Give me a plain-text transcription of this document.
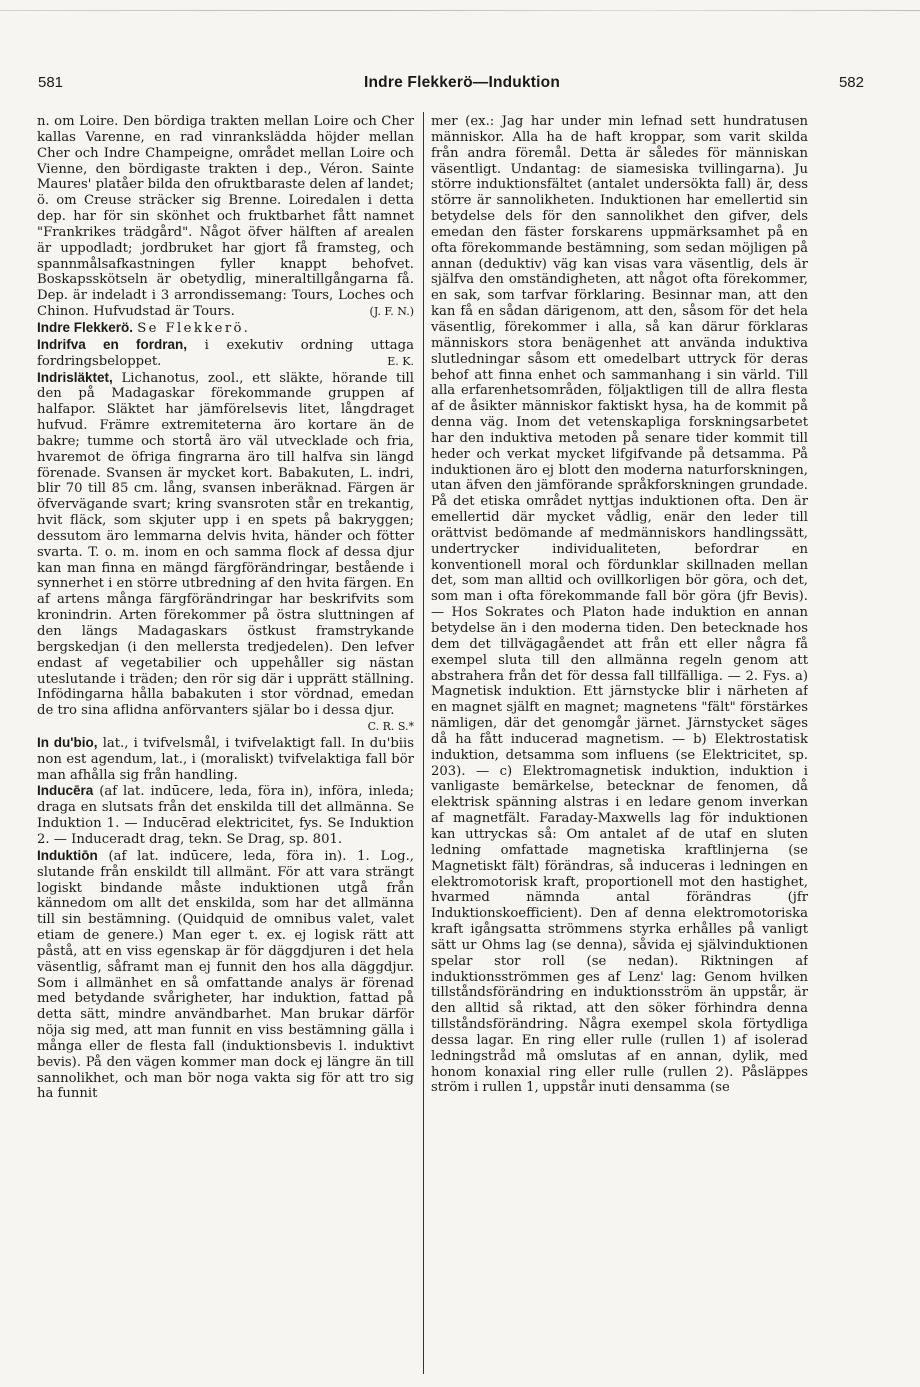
581	Indre Flekkerö—Induktion	582

n. om Loire. Den bördiga trakten mellan Loire och Cher kallas Varenne, en rad vinrankslädda höjder mellan Cher och Indre Champeigne, området mellan Loire och Vienne, den bördigaste trakten i dep., Véron. Sainte Maures' platåer bilda den ofruktbaraste delen af landet; ö. om Creuse sträcker sig Brenne. Loiredalen i detta dep. har för sin skönhet och fruktbarhet fått namnet "Frankrikes trädgård". Något öfver hälften af arealen är uppodladt; jordbruket har gjort få framsteg, och spannmålsafkastningen fyller knappt behofvet. Boskapsskötseln är obetydlig, mineraltillgångarna få. Dep. är indeladt i 3 arrondissemang: Tours, Loches och Chinon. Hufvudstad är Tours.	(J. F. N.)

Indre Flekkerö. Se Flekkerö.

Indrifva en fordran, i exekutiv ordning uttaga fordringsbeloppet.	E. K.

Indrisläktet, Lichanotus, zool., ett släkte, hörande till den på Madagaskar förekommande gruppen af halfapor. Släktet har jämförelsevis litet, långdraget hufvud. Främre extremiteterna äro kortare än de bakre; tumme och stortå äro väl utvecklade och fria, hvaremot de öfriga fingrarna äro till halfva sin längd förenade. Svansen är mycket kort. Babakuten, L. indri, blir 70 till 85 cm. lång, svansen inberäknad. Färgen är öfvervägande svart; kring svansroten står en trekantig, hvit fläck, som skjuter upp i en spets på bakryggen; dessutom äro lemmarna delvis hvita, händer och fötter svarta. T. o. m. inom en och samma flock af dessa djur kan man finna en mängd färgförändringar, bestående i synnerhet i en större utbredning af den hvita färgen. En af artens många färgförändringar har beskrifvits som kronindrin. Arten förekommer på östra sluttningen af den längs Madagaskars östkust framstrykande bergskedjan (i den mellersta tredjedelen). Den lefver endast af vegetabilier och uppehåller sig nästan uteslutande i träden; den rör sig där i upprätt ställning. Infödingarna hålla babakuten i stor vördnad, emedan de tro sina aflidna anförvanters själar bo i dessa djur.
C. R. S.*

In du'bio, lat., i tvifvelsmål, i tvifvelaktigt fall. In du'biis non est agendum, lat., i (moraliskt) tvifvelaktiga fall bör man afhålla sig från handling.

Inducēra (af lat. indūcere, leda, föra in), införa, inleda; draga en slutsats från det enskilda till det allmänna. Se Induktion 1. — Inducērad elektricitet, fys. Se Induktion 2. — Induceradt drag, tekn. Se Drag, sp. 801.

Induktiōn (af lat. indūcere, leda, föra in). 1. Log., slutande från enskildt till allmänt. För att vara strängt logiskt bindande måste induktionen utgå från kännedom om allt det enskilda, som har det allmänna till sin bestämning. (Quidquid de omnibus valet, valet etiam de genere.) Man eger t. ex. ej logisk rätt att påstå, att en viss egenskap är för däggdjuren i det hela väsentlig, såframt man ej funnit den hos alla däggdjur. Som i allmänhet en så omfattande analys är förenad med betydande svårigheter, har induktion, fattad på detta sätt, mindre användbarhet. Man brukar därför nöja sig med, att man funnit en viss bestämning gälla i många eller de flesta fall (induktionsbevis l. induktivt bevis). På den vägen kommer man dock ej längre än till sannolikhet, och man bör noga vakta sig för att tro sig ha funnit

mer (ex.: Jag har under min lefnad sett hundratusen människor. Alla ha de haft kroppar, som varit skilda från andra föremål. Detta är således för människan väsentligt. Undantag: de siamesiska tvillingarna). Ju större induktionsfältet (antalet undersökta fall) är, dess större är sannolikheten. Induktionen har emellertid sin betydelse dels för den sannolikhet den gifver, dels emedan den fäster forskarens uppmärksamhet på en ofta förekommande bestämning, som sedan möjligen på annan (deduktiv) väg kan visas vara väsentlig, dels är själfva den omständigheten, att något ofta förekommer, en sak, som tarfvar förklaring. Besinnar man, att den kan få en sådan därigenom, att den, såsom för det hela väsentlig, förekommer i alla, så kan därur förklaras människors stora benägenhet att använda induktiva slutledningar såsom ett omedelbart uttryck för deras behof att finna enhet och sammanhang i sin värld. Till alla erfarenhetsområden, följaktligen till de allra flesta af de åsikter människor faktiskt hysa, ha de kommit på denna väg. Inom det vetenskapliga forskningsarbetet har den induktiva metoden på senare tider kommit till heder och verkat mycket lifgifvande på detsamma. På induktionen äro ej blott den moderna naturforskningen, utan äfven den jämförande språkforskningen grundade. På det etiska området nyttjas induktionen ofta. Den är emellertid där mycket vådlig, enär den leder till orättvist bedömande af medmänniskors handlingssätt, undertrycker individualiteten, befordrar en konventionell moral och fördunklar skillnaden mellan det, som man alltid och ovillkorligen bör göra, och det, som man i ofta förekommande fall bör göra (jfr Bevis). — Hos Sokrates och Platon hade induktion en annan betydelse än i den moderna tiden. Den betecknade hos dem det tillvägagåendet att från ett eller några få exempel sluta till den allmänna regeln genom att abstrahera från det för dessa fall tillfälliga. — 2. Fys. a) Magnetisk induktion. Ett järnstycke blir i närheten af en magnet själft en magnet; magnetens "fält" förstärkes nämligen, där det genomgår järnet. Järnstycket säges då ha fått inducerad magnetism. — b) Elektrostatisk induktion, detsamma som influens (se Elektricitet, sp. 203). — c) Elektromagnetisk induktion, induktion i vanligaste bemärkelse, betecknar de fenomen, då elektrisk spänning alstras i en ledare genom inverkan af magnetfält. Faraday-Maxwells lag för induktionen kan uttryckas så: Om antalet af de utaf en sluten ledning omfattade magnetiska kraftlinjerna (se Magnetiskt fält) förändras, så induceras i ledningen en elektromotorisk kraft, proportionell mot den hastighet, hvarmed nämnda antal förändras (jfr Induktionskoefficient). Den af denna elektromotoriska kraft igångsatta strömmens styrka erhålles på vanligt sätt ur Ohms lag (se denna), såvida ej självinduktionen spelar stor roll (se nedan). Riktningen af induktionsströmmen ges af Lenz' lag: Genom hvilken tillståndsförändring en induktionsström än uppstår, är den alltid så riktad, att den söker förhindra denna tillståndsförändring. Några exempel skola förtydliga dessa lagar. En ring eller rulle (rullen 1) af isolerad ledningstråd må omslutas af en annan, dylik, med honom konaxial ring eller rulle (rullen 2). Påsläppes ström i rullen 1, uppstår inuti densamma (se
